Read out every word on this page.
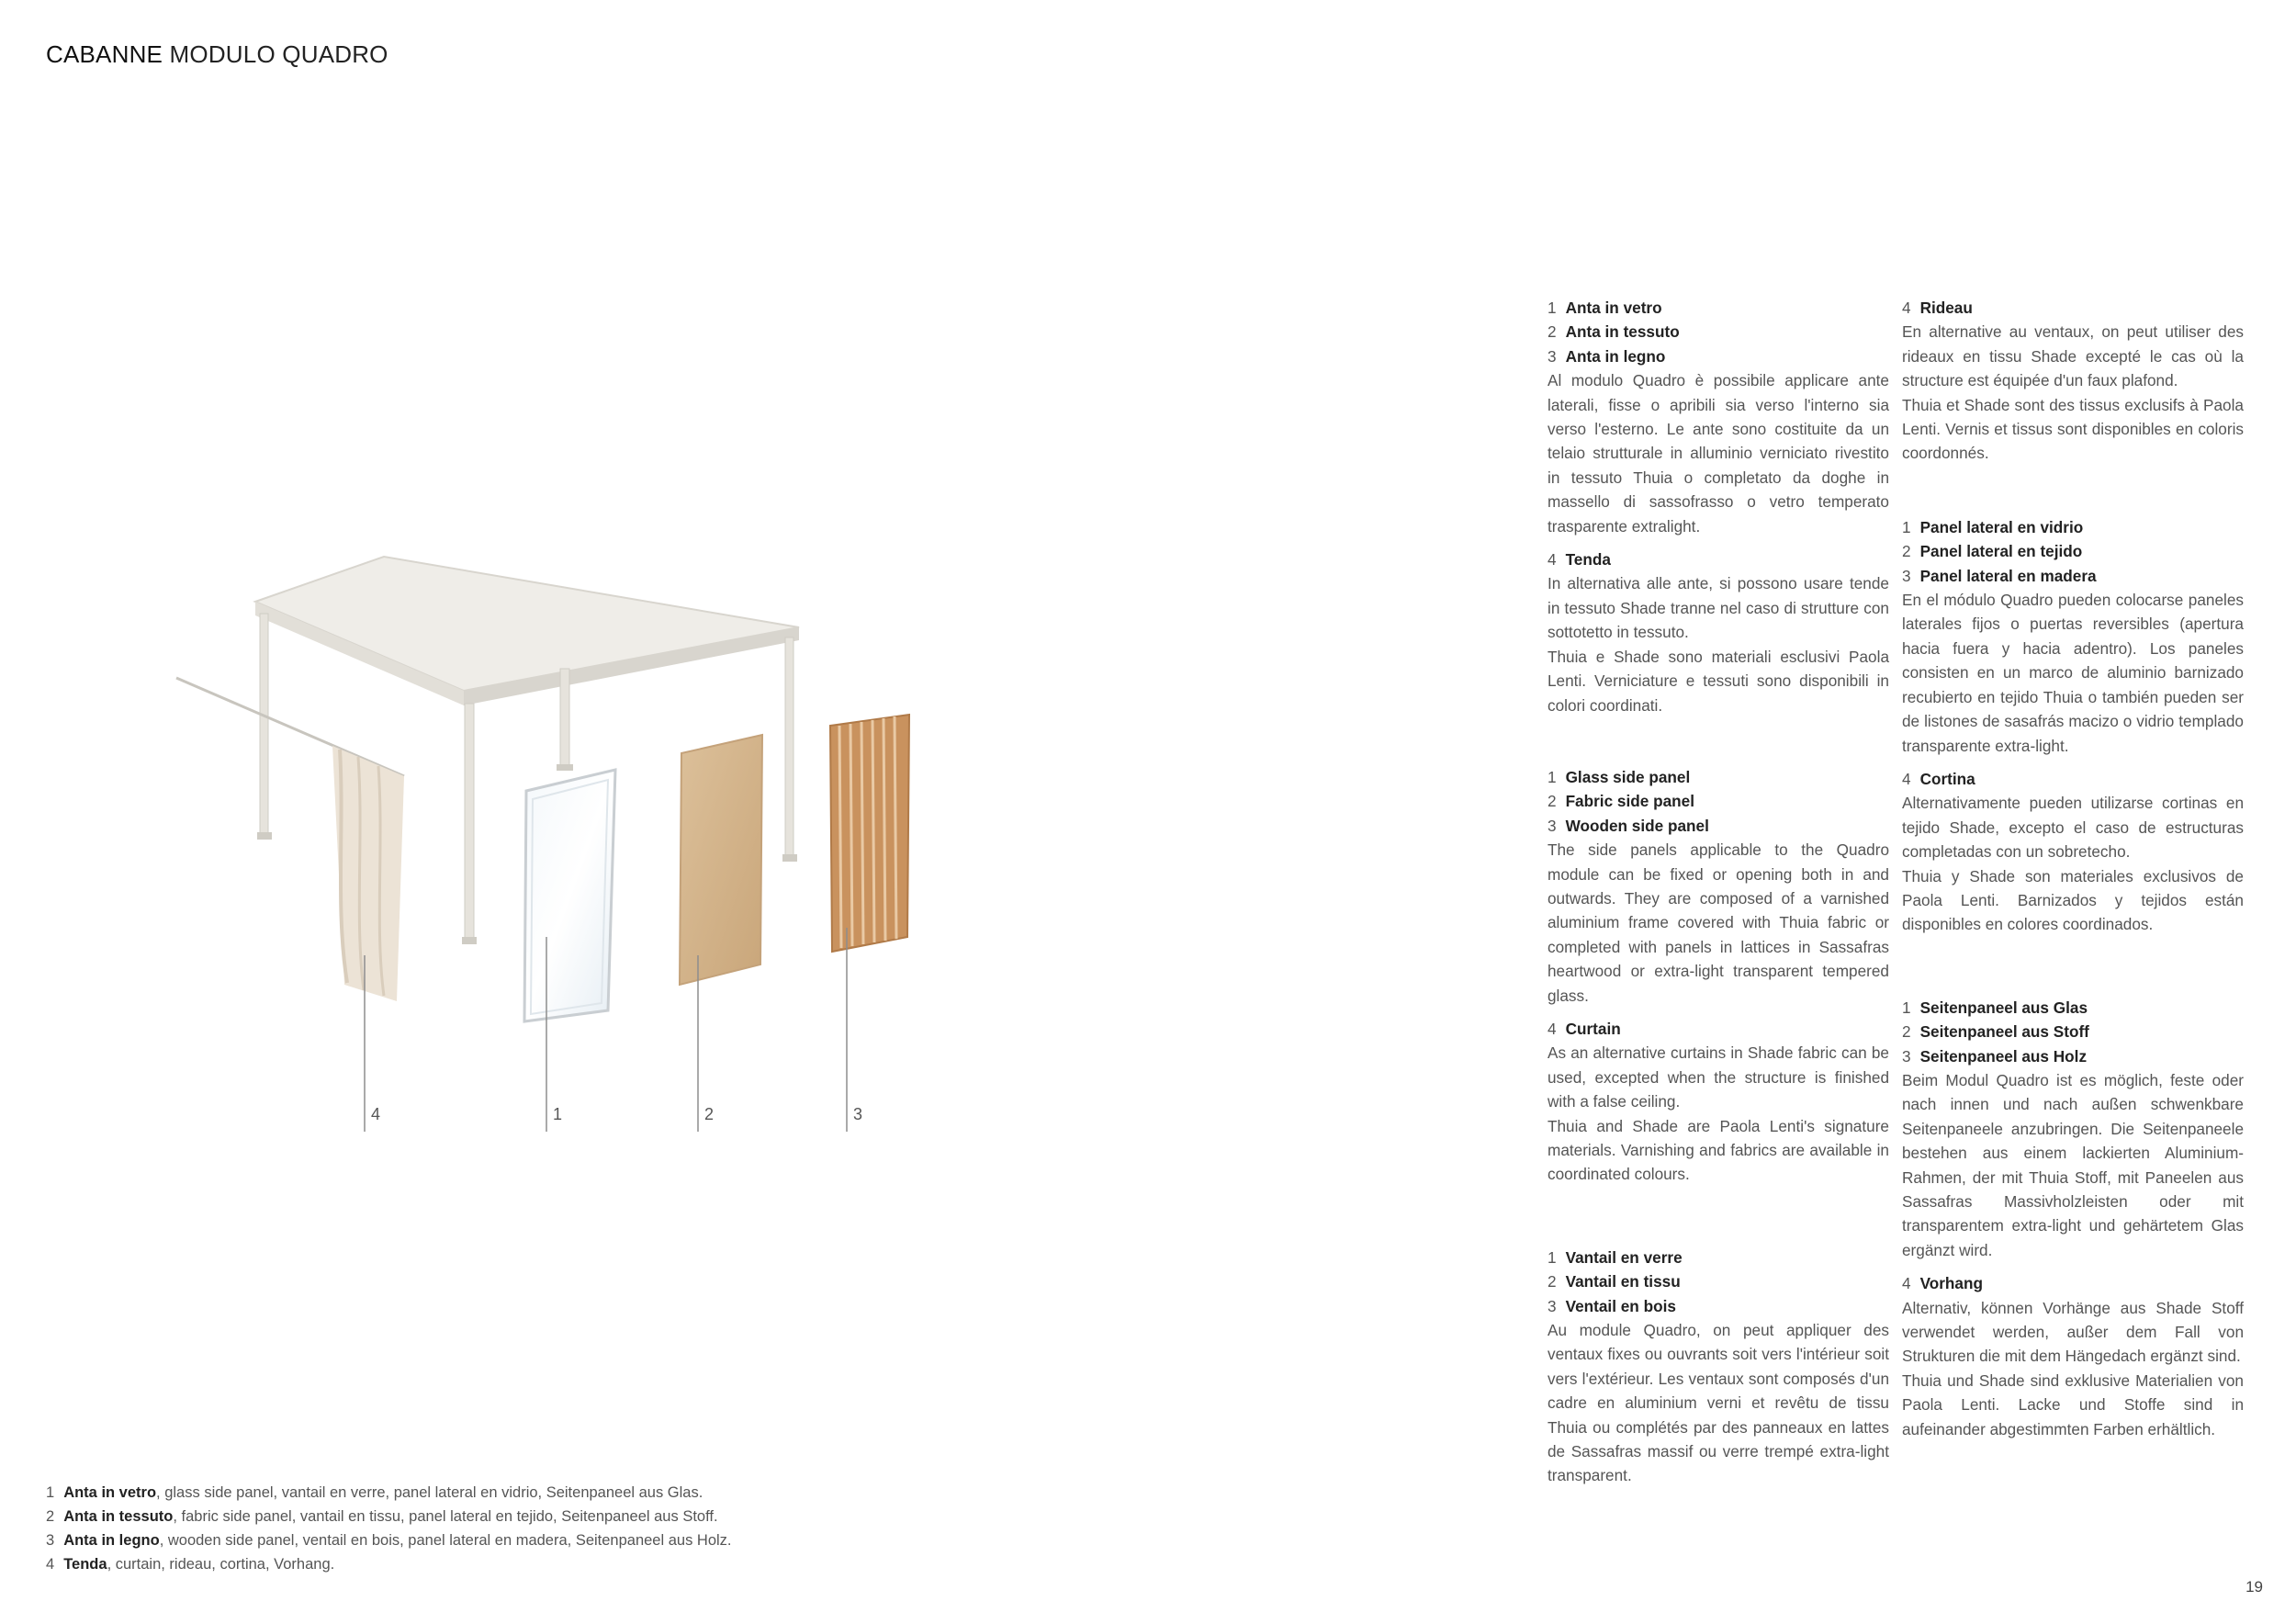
CABANNE MODULO QUADRO
4	1	2	3

1 Anta in vetro

2 Anta in tessuto

3 Anta in legno

Al modulo Quadro è possibile applicare ante laterali, fisse o apribili sia verso l'interno sia verso l'esterno. Le ante sono costituite da un telaio strutturale in alluminio verniciato rivestito in tessuto Thuia o completato da doghe in massello di sassofrasso o vetro temperato trasparente extralight.

4 Tenda

In alternativa alle ante, si possono usare tende in tessuto Shade tranne nel caso di strutture con sottotetto in tessuto.

Thuia e Shade sono materiali esclusivi Paola Lenti. Verniciature e tessuti sono disponibili in colori coordinati.

1 Glass side panel

2 Fabric side panel

3 Wooden side panel

The side panels applicable to the Quadro module can be fixed or opening both in and outwards. They are composed of a varnished aluminium frame covered with Thuia fabric or completed with panels in lattices in Sassafras heartwood or extra-light transparent tempered glass.

4 Curtain

As an alternative curtains in Shade fabric can be used, excepted when the structure is finished with a false ceiling.

Thuia and Shade are Paola Lenti's signature materials. Varnishing and fabrics are available in coordinated colours.

1 Vantail en verre

2 Vantail en tissu

3 Ventail en bois

Au module Quadro, on peut appliquer des ventaux fixes ou ouvrants soit vers l'intérieur soit vers l'extérieur. Les ventaux sont composés d'un cadre en aluminium verni et revêtu de tissu Thuia ou complétés par des panneaux en lattes de Sassafras massif ou verre trempé extra-light transparent.

4 Rideau

En alternative au ventaux, on peut utiliser des rideaux en tissu Shade excepté le cas où la structure est équipée d'un faux plafond.

Thuia et Shade sont des tissus exclusifs à Paola Lenti. Vernis et tissus sont disponibles en coloris coordonnés.

1 Panel lateral en vidrio

2 Panel lateral en tejido

3 Panel lateral en madera

En el módulo Quadro pueden colocarse paneles laterales fijos o puertas reversibles (apertura hacia fuera y hacia adentro). Los paneles consisten en un marco de aluminio barnizado recubierto en tejido Thuia o también pueden ser de listones de sasafrás macizo o vidrio templado transparente extra-light.

4 Cortina

Alternativamente pueden utilizarse cortinas en tejido Shade, excepto el caso de estructuras completadas con un sobretecho.

Thuia y Shade son materiales exclusivos de Paola Lenti. Barnizados y tejidos están disponibles en colores coordinados.

1 Seitenpaneel aus Glas

2 Seitenpaneel aus Stoff

3 Seitenpaneel aus Holz

Beim Modul Quadro ist es möglich, feste oder nach innen und nach außen schwenkbare Seitenpaneele anzubringen. Die Seitenpaneele bestehen aus einem lackierten Aluminium-Rahmen, der mit Thuia Stoff, mit Paneelen aus Sassafras Massivholzleisten oder mit transparentem extra-light und gehärtetem Glas ergänzt wird.

4 Vorhang

Alternativ, können Vorhänge aus Shade Stoff verwendet werden, außer dem Fall von Strukturen die mit dem Hängedach ergänzt sind.

Thuia und Shade sind exklusive Materialien von Paola Lenti. Lacke und Stoffe sind in aufeinander abgestimmten Farben erhältlich.

1 Anta in vetro, glass side panel, vantail en verre, panel lateral en vidrio, Seitenpaneel aus Glas.
2 Anta in tessuto, fabric side panel, vantail en tissu, panel lateral en tejido, Seitenpaneel aus Stoff.
3 Anta in legno, wooden side panel, ventail en bois, panel lateral en madera, Seitenpaneel aus Holz.
4 Tenda, curtain, rideau, cortina, Vorhang.
19
